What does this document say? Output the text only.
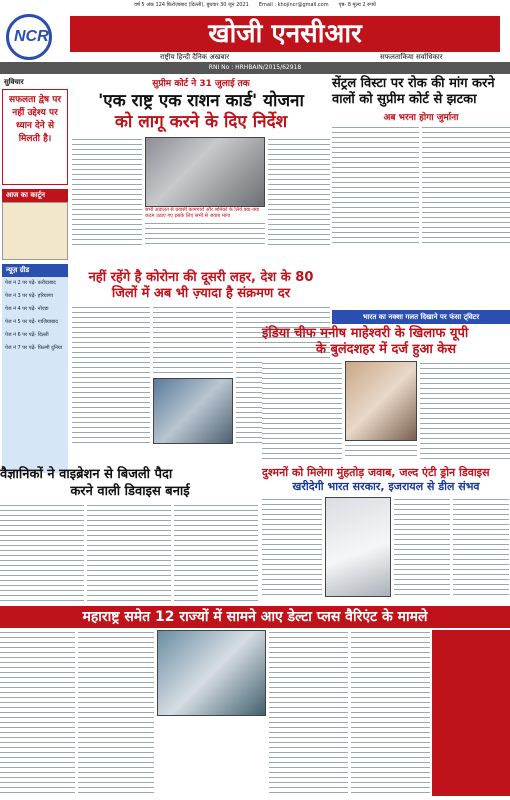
वर्ष 5 अंक 124 फ़िरोज़ाबाद (दिल्ली), बुधवार 30 जून 2021 Email : khojincr@gmail.com पृष्ठ- 8 मूल्य 2 रुपये
NCR	खोजी एनसीआर
राष्ट्रीय हिन्दी दैनिक अखबार	सफलताकिया सर्वाधिकार
RNI No : HRHBAIN/2015/62918
सुविचार
सफलता द्वेष पर नहीं उद्देश्य पर ध्यान देने से मिलती है।
आज का कार्टून
न्यूज़ ग्रीड
पेज नं 2 पर पढ़ें- फ़रीदाबाद
पेज नं 3 पर पढ़ें- हरियाणा
पेज नं 4 पर पढ़ें- नोएडा
पेज नं 5 पर पढ़ें- गाज़ियाबाद
पेज नं 6 पर पढ़ें- दिल्ली
पेज नं 7 पर पढ़ें- फ़िल्मी दुनिया
सुप्रीम कोर्ट ने 31 जुलाई तक
'एक राष्ट्र एक राशन कार्ड' योजना
को लागू करने के दिए निर्देश
सभी अदालत से प्रवासी कामगारों और श्रमिकों के लिये क्या-क्या कदम उठाए गए इसके लिए सभी से जवाब मांगा
सेंट्रल विस्टा पर रोक की मांग करने वालों को सुप्रीम कोर्ट से झटका
अब भरना होगा जुर्माना
नहीं रहेंगे है कोरोना की दूसरी लहर, देश के 80
जिलों में अब भी ज़्यादा है संक्रमण दर
भारत का नक्शा गलत दिखाने पर फंसा ट्विटर
इंडिया चीफ मनीष माहेश्वरी के खिलाफ यूपी
के बुलंदशहर में दर्ज हुआ केस
वैज्ञानिकों ने वाइब्रेशन से बिजली पैदा
करने वाली डिवाइस बनाई
दुश्मनों को मिलेगा मुंहतोड़ जवाब, जल्द एंटी ड्रोन डिवाइस
खरीदेगी भारत सरकार, इजरायल से डील संभव
महाराष्ट्र समेत 12 राज्यों में सामने आए डेल्टा प्लस वैरिएंट के मामले
